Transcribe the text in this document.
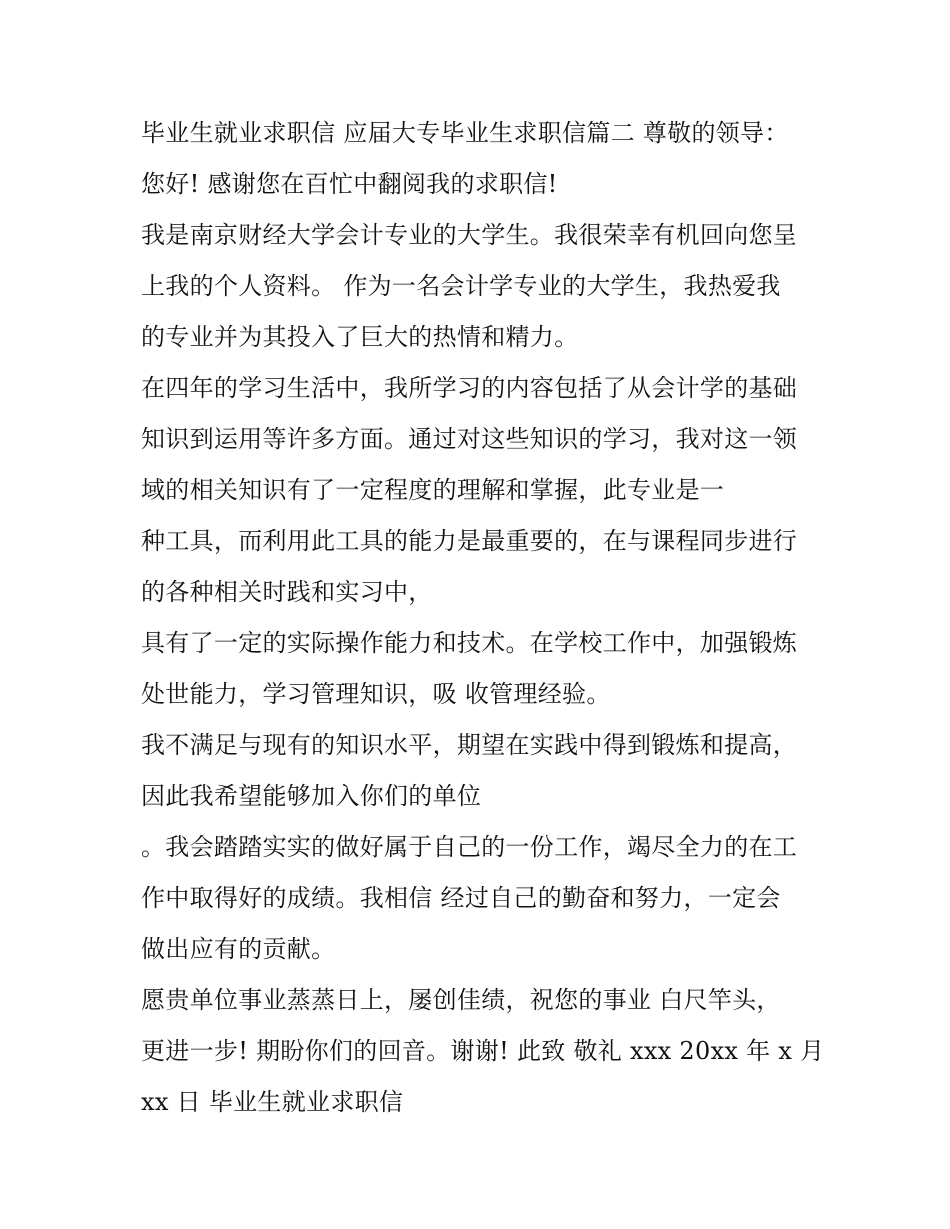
毕业生就业求职信 应届大专毕业生求职信篇二 尊敬的领导：
您好! 感谢您在百忙中翻阅我的求职信!
我是南京财经大学会计专业的大学生。我很荣幸有机回向您呈
上我的个人资料。 作为一名会计学专业的大学生，我热爱我
的专业并为其投入了巨大的热情和精力。
在四年的学习生活中，我所学习的内容包括了从会计学的基础
知识到运用等许多方面。通过对这些知识的学习，我对这一领
域的相关知识有了一定程度的理解和掌握，此专业是一
种工具，而利用此工具的能力是最重要的，在与课程同步进行
的各种相关时践和实习中，
具有了一定的实际操作能力和技术。在学校工作中，加强锻炼
处世能力，学习管理知识，吸 收管理经验。
我不满足与现有的知识水平，期望在实践中得到锻炼和提高，
因此我希望能够加入你们的单位
。我会踏踏实实的做好属于自己的一份工作，竭尽全力的在工
作中取得好的成绩。我相信 经过自己的勤奋和努力，一定会
做出应有的贡献。
愿贵单位事业蒸蒸日上，屡创佳绩，祝您的事业 白尺竿头，
更进一步! 期盼你们的回音。谢谢! 此致 敬礼 xxx 20xx 年 x 月
xx 日 毕业生就业求职信
